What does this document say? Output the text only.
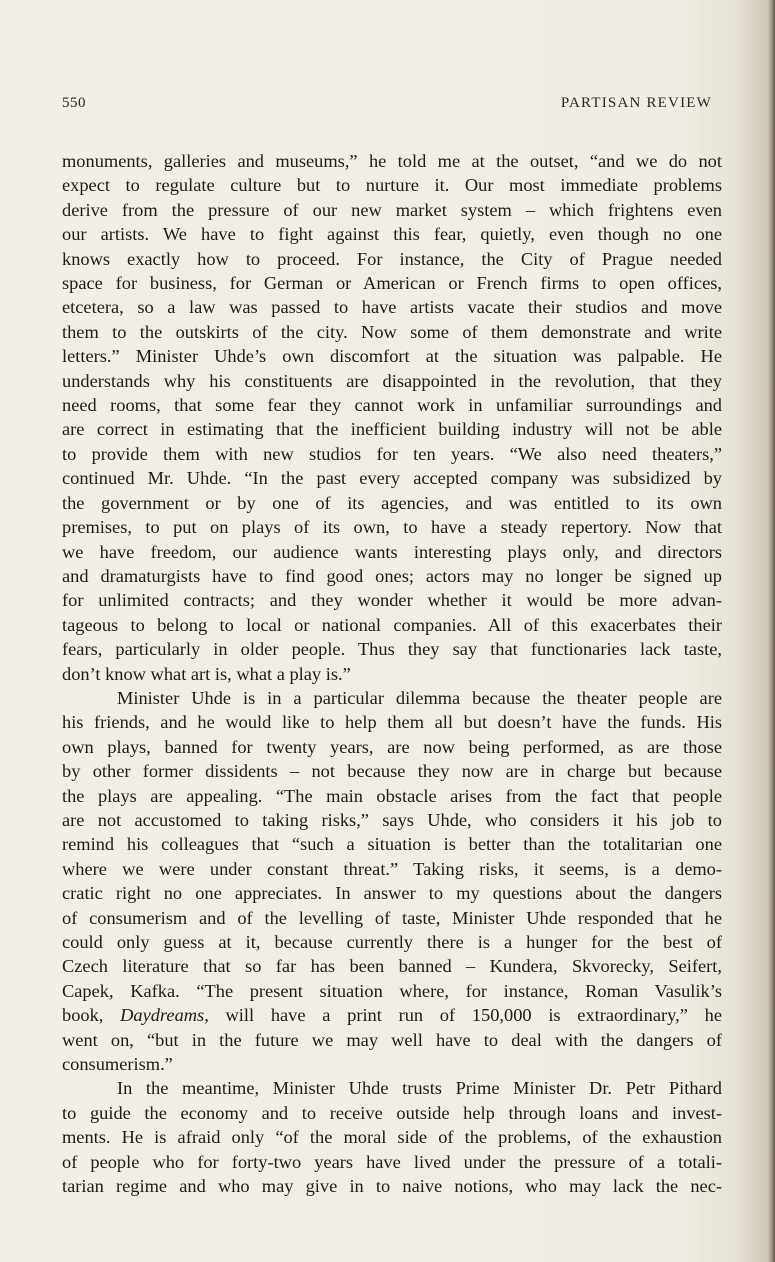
550	PARTISAN REVIEW
monuments, galleries and museums,” he told me at the outset, “and we do not
expect to regulate culture but to nurture it. Our most immediate problems
derive from the pressure of our new market system – which frightens even
our artists. We have to fight against this fear, quietly, even though no one
knows exactly how to proceed. For instance, the City of Prague needed
space for business, for German or American or French firms to open offices,
etcetera, so a law was passed to have artists vacate their studios and move
them to the outskirts of the city. Now some of them demonstrate and write
letters.” Minister Uhde’s own discomfort at the situation was palpable. He
understands why his constituents are disappointed in the revolution, that they
need rooms, that some fear they cannot work in unfamiliar surroundings and
are correct in estimating that the inefficient building industry will not be able
to provide them with new studios for ten years. “We also need theaters,”
continued Mr. Uhde. “In the past every accepted company was subsidized by
the government or by one of its agencies, and was entitled to its own
premises, to put on plays of its own, to have a steady repertory. Now that
we have freedom, our audience wants interesting plays only, and directors
and dramaturgists have to find good ones; actors may no longer be signed up
for unlimited contracts; and they wonder whether it would be more advan-
tageous to belong to local or national companies. All of this exacerbates their
fears, particularly in older people. Thus they say that functionaries lack taste,
don’t know what art is, what a play is.”
Minister Uhde is in a particular dilemma because the theater people are
his friends, and he would like to help them all but doesn’t have the funds. His
own plays, banned for twenty years, are now being performed, as are those
by other former dissidents – not because they now are in charge but because
the plays are appealing. “The main obstacle arises from the fact that people
are not accustomed to taking risks,” says Uhde, who considers it his job to
remind his colleagues that “such a situation is better than the totalitarian one
where we were under constant threat.” Taking risks, it seems, is a demo-
cratic right no one appreciates. In answer to my questions about the dangers
of consumerism and of the levelling of taste, Minister Uhde responded that he
could only guess at it, because currently there is a hunger for the best of
Czech literature that so far has been banned – Kundera, Skvorecky, Seifert,
Capek, Kafka. “The present situation where, for instance, Roman Vasulik’s
book, Daydreams, will have a print run of 150,000 is extraordinary,” he
went on, “but in the future we may well have to deal with the dangers of
consumerism.”
In the meantime, Minister Uhde trusts Prime Minister Dr. Petr Pithard
to guide the economy and to receive outside help through loans and invest-
ments. He is afraid only “of the moral side of the problems, of the exhaustion
of people who for forty-two years have lived under the pressure of a totali-
tarian regime and who may give in to naive notions, who may lack the nec-
